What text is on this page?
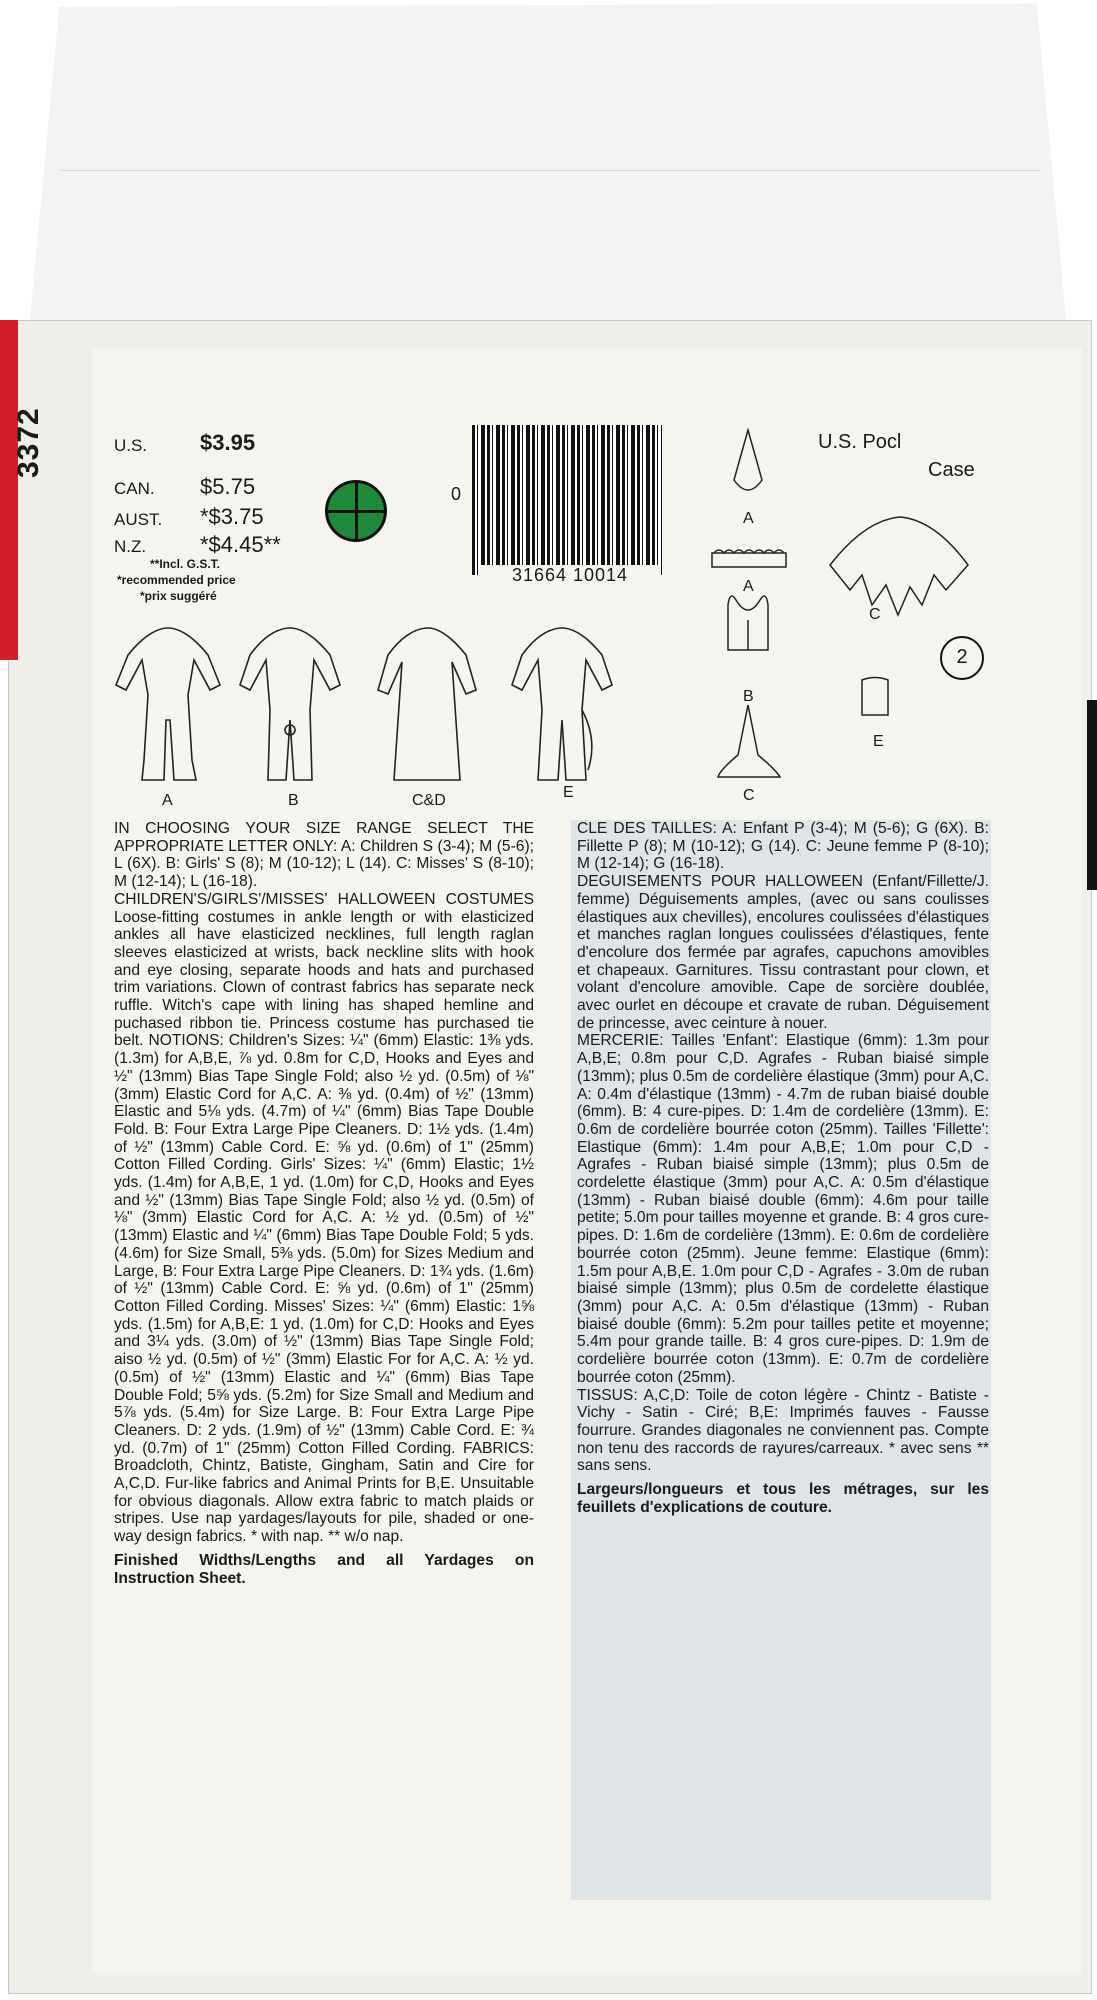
3372	U.S. $3.95
CAN. $5.75
AUST. *$3.75
N.Z. *$4.45**
**Incl. G.S.T.
*recommended price
*prix suggéré
0
31664 10014
U.S. Pocl
Case
2
A
A
B
C
C
E
A	B	C&D	E

IN CHOOSING YOUR SIZE RANGE SELECT THE APPROPRIATE LETTER ONLY: A: Children S (3-4); M (5-6); L (6X). B: Girls' S (8); M (10-12); L (14). C: Misses' S (8-10); M (12-14); L (16-18).

CHILDREN'S/GIRLS'/MISSES' HALLOWEEN COSTUMES Loose-fitting costumes in ankle length or with elasticized ankles all have elasticized necklines, full length raglan sleeves elasticized at wrists, back neckline slits with hook and eye closing, separate hoods and hats and purchased trim variations. Clown of contrast fabrics has separate neck ruffle. Witch's cape with lining has shaped hemline and puchased ribbon tie. Princess costume has purchased tie belt. NOTIONS: Children's Sizes: ¼" (6mm) Elastic: 1⅜ yds. (1.3m) for A,B,E, ⅞ yd. 0.8m for C,D, Hooks and Eyes and ½" (13mm) Bias Tape Single Fold; also ½ yd. (0.5m) of ⅛" (3mm) Elastic Cord for A,C. A: ⅜ yd. (0.4m) of ½" (13mm) Elastic and 5⅛ yds. (4.7m) of ¼" (6mm) Bias Tape Double Fold. B: Four Extra Large Pipe Cleaners. D: 1½ yds. (1.4m) of ½" (13mm) Cable Cord. E: ⅝ yd. (0.6m) of 1" (25mm) Cotton Filled Cording. Girls' Sizes: ¼" (6mm) Elastic; 1½ yds. (1.4m) for A,B,E, 1 yd. (1.0m) for C,D, Hooks and Eyes and ½" (13mm) Bias Tape Single Fold; also ½ yd. (0.5m) of ⅛" (3mm) Elastic Cord for A,C. A: ½ yd. (0.5m) of ½" (13mm) Elastic and ¼" (6mm) Bias Tape Double Fold; 5 yds. (4.6m) for Size Small, 5⅜ yds. (5.0m) for Sizes Medium and Large, B: Four Extra Large Pipe Cleaners. D: 1¾ yds. (1.6m) of ½" (13mm) Cable Cord. E: ⅝ yd. (0.6m) of 1" (25mm) Cotton Filled Cording. Misses' Sizes: ¼" (6mm) Elastic: 1⅝ yds. (1.5m) for A,B,E: 1 yd. (1.0m) for C,D: Hooks and Eyes and 3¼ yds. (3.0m) of ½" (13mm) Bias Tape Single Fold; aiso ½ yd. (0.5m) of ½" (3mm) Elastic For for A,C. A: ½ yd. (0.5m) of ½" (13mm) Elastic and ¼" (6mm) Bias Tape Double Fold; 5⅝ yds. (5.2m) for Size Small and Medium and 5⅞ yds. (5.4m) for Size Large. B: Four Extra Large Pipe Cleaners. D: 2 yds. (1.9m) of ½" (13mm) Cable Cord. E: ¾ yd. (0.7m) of 1" (25mm) Cotton Filled Cording. FABRICS: Broadcloth, Chintz, Batiste, Gingham, Satin and Cire for A,C,D. Fur-like fabrics and Animal Prints for B,E. Unsuitable for obvious diagonals. Allow extra fabric to match plaids or stripes. Use nap yardages/layouts for pile, shaded or one-way design fabrics. * with nap. ** w/o nap.

Finished Widths/Lengths and all Yardages on Instruction Sheet.

CLE DES TAILLES: A: Enfant P (3-4); M (5-6); G (6X). B: Fillette P (8); M (10-12); G (14). C: Jeune femme P (8-10); M (12-14); G (16-18).

DEGUISEMENTS POUR HALLOWEEN (Enfant/Fillette/J. femme) Déguisements amples, (avec ou sans coulisses élastiques aux chevilles), encolures coulissées d'élastiques et manches raglan longues coulissées d'élastiques, fente d'encolure dos fermée par agrafes, capuchons amovibles et chapeaux. Garnitures. Tissu contrastant pour clown, et volant d'encolure amovible. Cape de sorcière doublée, avec ourlet en découpe et cravate de ruban. Déguisement de princesse, avec ceinture à nouer.

MERCERIE: Tailles 'Enfant': Elastique (6mm): 1.3m pour A,B,E; 0.8m pour C,D. Agrafes - Ruban biaisé simple (13mm); plus 0.5m de cordelière élastique (3mm) pour A,C. A: 0.4m d'élastique (13mm) - 4.7m de ruban biaisé double (6mm). B: 4 cure-pipes. D: 1.4m de cordelière (13mm). E: 0.6m de cordelière bourrée coton (25mm). Tailles 'Fillette': Elastique (6mm): 1.4m pour A,B,E; 1.0m pour C,D - Agrafes - Ruban biaisé simple (13mm); plus 0.5m de cordelette élastique (3mm) pour A,C. A: 0.5m d'élastique (13mm) - Ruban biaisé double (6mm): 4.6m pour taille petite; 5.0m pour tailles moyenne et grande. B: 4 gros cure-pipes. D: 1.6m de cordelière (13mm). E: 0.6m de cordelière bourrée coton (25mm). Jeune femme: Elastique (6mm): 1.5m pour A,B,E. 1.0m pour C,D - Agrafes - 3.0m de ruban biaisé simple (13mm); plus 0.5m de cordelette élastique (3mm) pour A,C. A: 0.5m d'élastique (13mm) - Ruban biaisé double (6mm): 5.2m pour tailles petite et moyenne; 5.4m pour grande taille. B: 4 gros cure-pipes. D: 1.9m de cordelière bourrée coton (13mm). E: 0.7m de cordelière bourrée coton (25mm).

TISSUS: A,C,D: Toile de coton légère - Chintz - Batiste - Vichy - Satin - Ciré; B,E: Imprimés fauves - Fausse fourrure. Grandes diagonales ne conviennent pas. Compte non tenu des raccords de rayures/carreaux. * avec sens ** sans sens.

Largeurs/longueurs et tous les métrages, sur les feuillets d'explications de couture.
